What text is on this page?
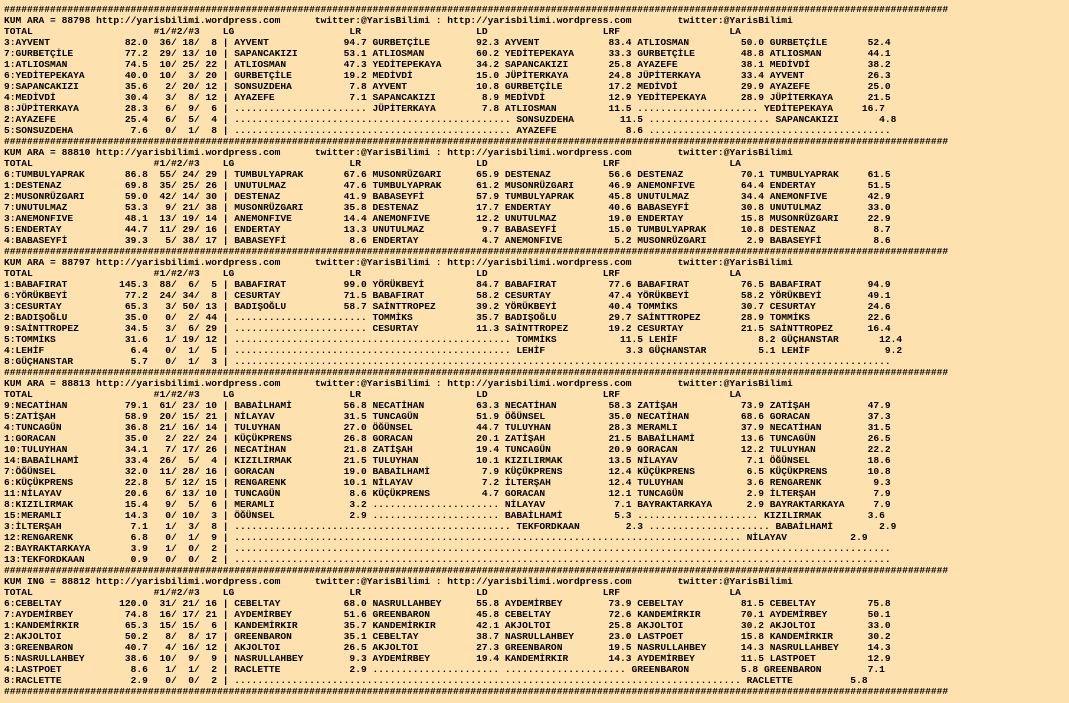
####################################################################################################################################################################
KUM ARA = 88798 http://yarisbilimi.wordpress.com      twitter:@YarisBilimi : http://yarisbilimi.wordpress.com        twitter:@YarisBilimi
TOTAL                     #1/#2/#3    LG                    LR                    LD                    LRF                   LA
3:AYVENT             82.0  36/ 18/  8 | AYVENT             94.7 GURBETÇİLE        92.3 AYVENT            83.4 ATLIOSMAN         50.0 GURBETÇİLE       52.4
7:GURBETÇİLE         77.2  29/ 13/ 10 | SAPANCAKIZI        53.1 ATLIOSMAN         60.2 YEDİTEPEKAYA      33.3 GURBETÇİLE        48.8 ATLIOSMAN        44.1
1:ATLIOSMAN          74.5  10/ 25/ 22 | ATLIOSMAN          47.3 YEDİTEPEKAYA      34.2 SAPANCAKIZI       25.8 AYAZEFE           38.1 MEDİVDİ          38.2
6:YEDİTEPEKAYA       40.0  10/  3/ 20 | GURBETÇİLE         19.2 MEDİVDİ           15.0 JÜPİTERKAYA       24.8 JÜPİTERKAYA       33.4 AYVENT           26.3
9:SAPANCAKIZI        35.6   2/ 20/ 12 | SONSUZDEHA          7.8 AYVENT            10.8 GURBETÇİLE        17.2 MEDİVDİ           29.9 AYAZEFE          25.0
4:MEDİVDİ            30.4   3/  8/ 12 | AYAZEFE             7.1 SAPANCAKIZI        8.9 MEDİVDİ           12.9 YEDİTEPEKAYA      28.9 JÜPİTERKAYA      21.5
8:JÜPİTERKAYA        28.3   6/  9/  6 | ....................... JÜPİTERKAYA        7.8 ATLIOSMAN         11.5 ..................... YEDİTEPEKAYA     16.7
2:AYAZEFE            25.4   6/  5/  4 | ................................................ SONSUZDEHA        11.5 ..................... SAPANCAKIZI       4.8
5:SONSUZDEHA          7.6   0/  1/  8 | ................................................ AYAZEFE            8.6 ..........................................
####################################################################################################################################################################
KUM ARA = 88810 http://yarisbilimi.wordpress.com      twitter:@YarisBilimi : http://yarisbilimi.wordpress.com        twitter:@YarisBilimi
TOTAL                     #1/#2/#3    LG                    LR                    LD                    LRF                   LA
6:TUMBULYAPRAK       86.8  55/ 24/ 29 | TUMBULYAPRAK       67.6 MUSONRÜZGARI      65.9 DESTENAZ          56.6 DESTENAZ          70.1 TUMBULYAPRAK     61.5
1:DESTENAZ           69.8  35/ 25/ 26 | UNUTULMAZ          47.6 TUMBULYAPRAK      61.2 MUSONRÜZGARI      46.9 ANEMONFIVE        64.4 ENDERTAY         51.5
2:MUSONRÜZGARI       59.0  42/ 14/ 30 | DESTENAZ           41.9 BABASEYFİ         57.9 TUMBULYAPRAK      45.8 UNUTULMAZ         34.4 ANEMONFIVE       42.9
7:UNUTULMAZ          53.3   9/ 21/ 38 | MUSONRÜZGARI       35.8 DESTENAZ          17.7 ENDERTAY          40.6 BABASEYFİ         30.8 UNUTULMAZ        33.0
3:ANEMONFIVE         48.1  13/ 19/ 14 | ANEMONFIVE         14.4 ANEMONFIVE        12.2 UNUTULMAZ         19.0 ENDERTAY          15.8 MUSONRÜZGARI     22.9
5:ENDERTAY           44.7  11/ 29/ 16 | ENDERTAY           13.3 UNUTULMAZ          9.7 BABASEYFİ         15.0 TUMBULYAPRAK      10.8 DESTENAZ          8.7
4:BABASEYFİ          39.3   5/ 38/ 17 | BABASEYFİ           8.6 ENDERTAY           4.7 ANEMONFIVE         5.2 MUSONRÜZGARI       2.9 BABASEYFİ         8.6
####################################################################################################################################################################
KUM ARA = 88797 http://yarisbilimi.wordpress.com      twitter:@YarisBilimi : http://yarisbilimi.wordpress.com        twitter:@YarisBilimi
TOTAL                     #1/#2/#3    LG                    LR                    LD                    LRF                   LA
1:BABAFIRAT         145.3  88/  6/  5 | BABAFIRAT          99.0 YÖRÜKBEYİ         84.7 BABAFIRAT         77.6 BABAFIRAT         76.5 BABAFIRAT        94.9
6:YÖRÜKBEYİ          77.2  24/ 34/  8 | CESURTAY           71.5 BABAFIRAT         58.2 CESURTAY          47.4 YÖRÜKBEYİ         58.2 YÖRÜKBEYİ        49.1
3:CESURTAY           65.3   3/ 50/ 13 | BADIŞOĞLU          58.7 SAİNTTROPEZ       39.2 YÖRÜKBEYİ         40.4 TOMMİKS           30.7 CESURTAY         24.6
2:BADIŞOĞLU          35.0   0/  2/ 44 | ....................... TOMMİKS           35.7 BADIŞOĞLU         29.7 SAİNTTROPEZ       28.9 TOMMİKS          22.6
9:SAİNTTROPEZ        34.5   3/  6/ 29 | ....................... CESURTAY          11.3 SAİNTTROPEZ       19.2 CESURTAY          21.5 SAİNTTROPEZ      16.4
5:TOMMİKS            31.6   1/ 19/ 12 | ................................................ TOMMİKS           11.5 LEHİF              8.2 GÜÇHANSTAR       12.4
4:LEHİF               6.4   0/  1/  5 | ................................................ LEHİF              3.3 GÜÇHANSTAR         5.1 LEHİF             9.2
8:GÜÇHANSTAR          5.7   0/  1/  3 | ..................................................................................................................
####################################################################################################################################################################
KUM ARA = 88813 http://yarisbilimi.wordpress.com      twitter:@YarisBilimi : http://yarisbilimi.wordpress.com        twitter:@YarisBilimi
TOTAL                     #1/#2/#3    LG                    LR                    LD                    LRF                   LA
9:NECATİHAN          79.1  61/ 23/ 10 | BABAİLHAMİ         56.8 NECATİHAN         63.3 NECATİHAN         58.3 ZATİŞAH           73.9 ZATİŞAH          47.9
5:ZATİŞAH            58.9  20/ 15/ 21 | NİLAYAV            31.5 TUNCAGÜN          51.9 ÖĞÜNSEL           35.0 NECATİHAN         68.6 GORACAN          37.3
4:TUNCAGÜN           36.8  21/ 16/ 14 | TULUYHAN           27.0 ÖĞÜNSEL           44.7 TULUYHAN          28.3 MERAMLI           37.9 NECATİHAN        31.5
1:GORACAN            35.0   2/ 22/ 24 | KÜÇÜKPRENS         26.8 GORACAN           20.1 ZATİŞAH           21.5 BABAİLHAMİ        13.6 TUNCAGÜN         26.5
10:TULUYHAN          34.1   7/ 17/ 26 | NECATİHAN          21.8 ZATİŞAH           19.4 TUNCAGÜN          20.9 GORACAN           12.2 TULUYHAN         22.2
14:BABAİLHAMİ        33.4  26/  5/  4 | KIZILIRMAK         21.5 TULUYHAN          10.1 KIZILIRMAK        13.5 NİLAYAV            7.1 ÖĞÜNSEL          18.6
7:ÖĞÜNSEL            32.0  11/ 28/ 16 | GORACAN            19.0 BABAİLHAMİ         7.9 KÜÇÜKPRENS        12.4 KÜÇÜKPRENS         6.5 KÜÇÜKPRENS       10.8
6:KÜÇÜKPRENS         22.8   5/ 12/ 15 | RENGARENK          10.1 NİLAYAV            7.2 İLTERŞAH          12.4 TULUYHAN           3.6 RENGARENK         9.3
11:NİLAYAV           20.6   6/ 13/ 10 | TUNCAGÜN            8.6 KÜÇÜKPRENS         4.7 GORACAN           12.1 TUNCAGÜN           2.9 İLTERŞAH          7.9
8:KIZILIRMAK         15.4   9/  5/  6 | MERAMLI             3.2 ...................... NİLAYAV            7.1 BAYRAKTARKAYA      2.9 BAYRAKTARKAYA     7.9
15:MERAMLI           14.3   0/ 10/  3 | ÖĞÜNSEL             2.9 ...................... BABAİLHAMİ         5.3 ..................... KIZILIRMAK        3.6
3:İLTERŞAH            7.1   1/  3/  8 | ................................................ TEKFORDKAAN        2.3 ..................... BABAİLHAMİ        2.9
12:RENGARENK          6.8   0/  1/  9 | ........................................................................................ NİLAYAV           2.9
2:BAYRAKTARKAYA       3.9   1/  0/  2 | ..................................................................................................................
13:TEKFORDKAAN        0.9   0/  0/  2 | ..................................................................................................................
####################################################################################################################################################################
KUM ING = 88812 http://yarisbilimi.wordpress.com      twitter:@YarisBilimi : http://yarisbilimi.wordpress.com        twitter:@YarisBilimi
TOTAL                     #1/#2/#3    LG                    LR                    LD                    LRF                   LA
6:CEBELTAY          120.0  31/ 21/ 16 | CEBELTAY           68.0 NASRULLAHBEY      55.8 AYDEMİRBEY        73.9 CEBELTAY          81.5 CEBELTAY         75.8
7:AYDEMİRBEY         74.8  16/ 17/ 21 | AYDEMİRBEY         51.6 GREENBARON        45.8 CEBELTAY          72.6 KANDEMİRKIR       70.1 AYDEMİRBEY       50.1
1:KANDEMİRKIR        65.3  15/ 15/  6 | KANDEMİRKIR        35.7 KANDEMİRKIR       42.1 AKJOLTOI          25.8 AKJOLTOI          30.2 AKJOLTOI         33.0
2:AKJOLTOI           50.2   8/  8/ 17 | GREENBARON         35.1 CEBELTAY          38.7 NASRULLAHBEY      23.0 LASTPOET          15.8 KANDEMİRKIR      30.2
3:GREENBARON         40.7   4/ 16/ 12 | AKJOLTOI           26.5 AKJOLTOI          27.3 GREENBARON        19.5 NASRULLAHBEY      14.3 NASRULLAHBEY     14.3
5:NASRULLAHBEY       38.6  10/  9/  9 | NASRULLAHBEY        9.3 AYDEMİRBEY        19.4 KANDEMİRKIR       14.3 AYDEMİRBEY        11.5 LASTPOET         12.9
4:LASTPOET            8.6   1/  1/  2 | RACLETTE            2.9 ...................... ..................... GREENBARON         5.8 GREENBARON        7.1
8:RACLETTE            2.9   0/  0/  2 | ........................................................................................ RACLETTE          5.8
####################################################################################################################################################################
